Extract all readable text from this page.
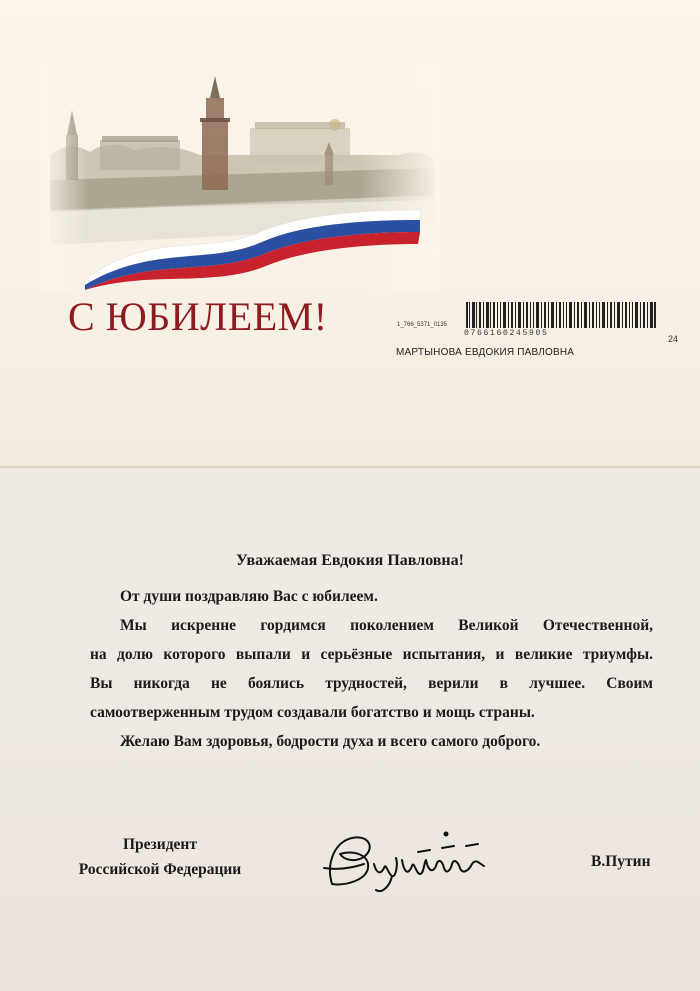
С ЮБИЛЕЕМ!	1_766_5371_0135
0766160245905
24
МАРТЫНОВА ЕВДОКИЯ ПАВЛОВНА
Уважаемая Евдокия Павловна!

От души поздравляю Вас с юбилеем.

Мы искренне гордимся поколением Великой Отечественной,

на долю которого выпали и серьёзные испытания, и великие триумфы.

Вы никогда не боялись трудностей, верили в лучшее. Своим

самоотверженным трудом создавали богатство и мощь страны.

Желаю Вам здоровья, бодрости духа и всего самого доброго.

Президент
Российской Федерации	В.Путин
